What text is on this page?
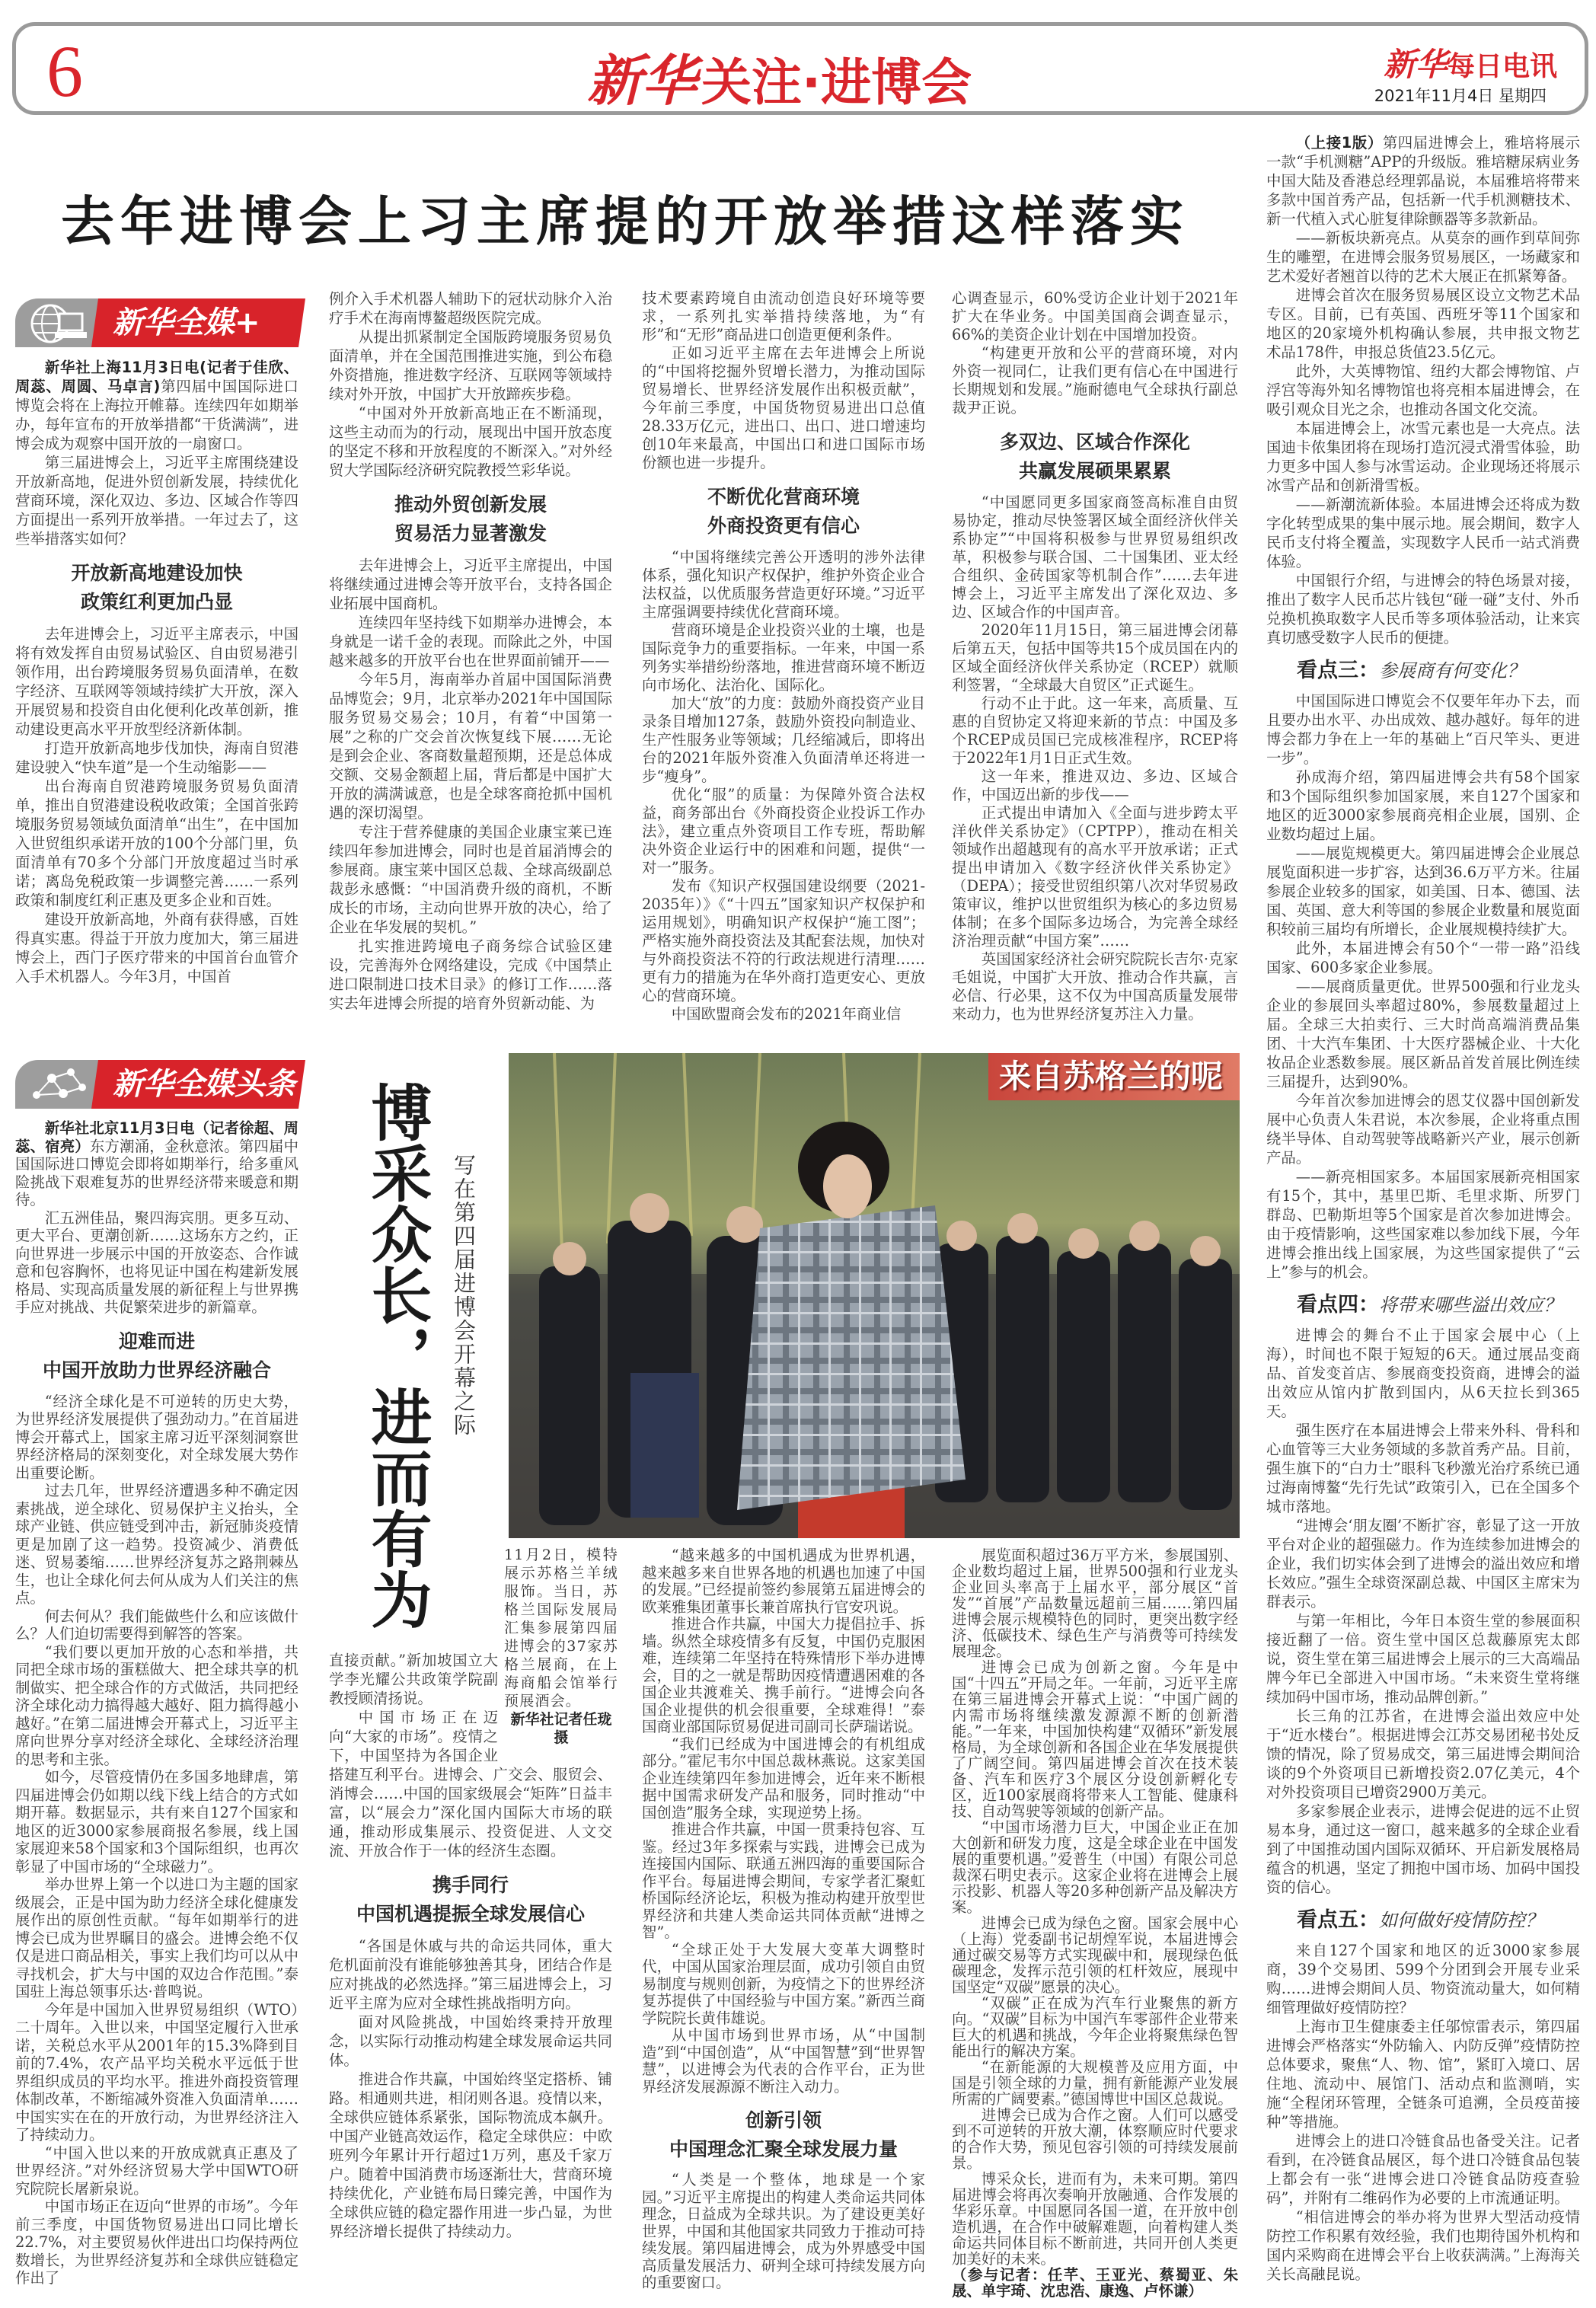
6	新华关注·进博会	新华每日电讯
2021年11月4日 星期四
去年进博会上习主席提的开放举措这样落实
新华全媒+

新华社上海11月3日电(记者于佳欣、周蕊、周圆、马卓言)第四届中国国际进口博览会将在上海拉开帷幕。连续四年如期举办，每年宣布的开放举措都“干货满满”，进博会成为观察中国开放的一扇窗口。

第三届进博会上，习近平主席围绕建设开放新高地，促进外贸创新发展，持续优化营商环境，深化双边、多边、区域合作等四方面提出一系列开放举措。一年过去了，这些举措落实如何？

开放新高地建设加快
政策红利更加凸显

去年进博会上，习近平主席表示，中国将有效发挥自由贸易试验区、自由贸易港引领作用，出台跨境服务贸易负面清单，在数字经济、互联网等领域持续扩大开放，深入开展贸易和投资自由化便利化改革创新，推动建设更高水平开放型经济新体制。

打造开放新高地步伐加快，海南自贸港建设驶入“快车道”是一个生动缩影——

出台海南自贸港跨境服务贸易负面清单，推出自贸港建设税收政策；全国首张跨境服务贸易领域负面清单“出生”，在中国加入世贸组织承诺开放的100个分部门里，负面清单有70多个分部门开放度超过当时承诺；离岛免税政策一步调整完善……一系列政策和制度红利正惠及更多企业和百姓。

建设开放新高地，外商有获得感，百姓得真实惠。得益于开放力度加大，第三届进博会上，西门子医疗带来的中国首台血管介入手术机器人。今年3月，中国首

例介入手术机器人辅助下的冠状动脉介入治疗手术在海南博鳌超级医院完成。

从提出抓紧制定全国版跨境服务贸易负面清单，并在全国范围推进实施，到公布稳外资措施，推进数字经济、互联网等领域持续对外开放，中国扩大开放蹄疾步稳。

“中国对外开放新高地正在不断涌现，这些主动而为的行动，展现出中国开放态度的坚定不移和开放程度的不断深入。”对外经贸大学国际经济研究院教授竺彩华说。

推动外贸创新发展
贸易活力显著激发

去年进博会上，习近平主席提出，中国将继续通过进博会等开放平台，支持各国企业拓展中国商机。

连续四年坚持线下如期举办进博会，本身就是一诺千金的表现。而除此之外，中国越来越多的开放平台也在世界面前铺开——

今年5月，海南举办首届中国国际消费品博览会；9月，北京举办2021年中国国际服务贸易交易会；10月，有着“中国第一展”之称的广交会首次恢复线下展……无论是到会企业、客商数量超预期，还是总体成交额、交易金额超上届，背后都是中国扩大开放的满满诚意，也是全球客商抢抓中国机遇的深切渴望。

专注于营养健康的美国企业康宝莱已连续四年参加进博会，同时也是首届消博会的参展商。康宝莱中国区总裁、全球高级副总裁彭永感慨：“中国消费升级的商机，不断成长的市场，主动向世界开放的决心，给了企业在华发展的契机。”

扎实推进跨境电子商务综合试验区建设，完善海外仓网络建设，完成《中国禁止进口限制进口技术目录》的修订工作……落实去年进博会所提的培育外贸新动能、为

技术要素跨境自由流动创造良好环境等要求，一系列扎实举措持续落地，为“有形”和“无形”商品进口创造更便利条件。

正如习近平主席在去年进博会上所说的“中国将挖掘外贸增长潜力，为推动国际贸易增长、世界经济发展作出积极贡献”，今年前三季度，中国货物贸易进出口总值28.33万亿元，进出口、出口、进口增速均创10年来最高，中国出口和进口国际市场份额也进一步提升。

不断优化营商环境
外商投资更有信心

“中国将继续完善公开透明的涉外法律体系，强化知识产权保护，维护外资企业合法权益，以优质服务营造更好环境。”习近平主席强调要持续优化营商环境。

营商环境是企业投资兴业的土壤，也是国际竞争力的重要指标。一年来，中国一系列务实举措纷纷落地，推进营商环境不断迈向市场化、法治化、国际化。

加大“放”的力度：鼓励外商投资产业目录条目增加127条，鼓励外资投向制造业、生产性服务业等领域；几经缩减后，即将出台的2021年版外资准入负面清单还将进一步“瘦身”。

优化“服”的质量：为保障外资合法权益，商务部出台《外商投资企业投诉工作办法》，建立重点外资项目工作专班，帮助解决外资企业运行中的困难和问题，提供“一对一”服务。

发布《知识产权强国建设纲要（2021-2035年）》《“十四五”国家知识产权保护和运用规划》，明确知识产权保护“施工图”；严格实施外商投资法及其配套法规，加快对与外商投资法不符的行政法规进行清理……更有力的措施为在华外商打造更安心、更放心的营商环境。

中国欧盟商会发布的2021年商业信

心调查显示，60%受访企业计划于2021年扩大在华业务。中国美国商会调查显示，66%的美资企业计划在中国增加投资。

“构建更开放和公平的营商环境，对内外资一视同仁，让我们更有信心在中国进行长期规划和发展。”施耐德电气全球执行副总裁尹正说。

多双边、区域合作深化
共赢发展硕果累累

“中国愿同更多国家商签高标准自由贸易协定，推动尽快签署区域全面经济伙伴关系协定”“中国将积极参与世界贸易组织改革，积极参与联合国、二十国集团、亚太经合组织、金砖国家等机制合作”……去年进博会上，习近平主席发出了深化双边、多边、区域合作的中国声音。

2020年11月15日，第三届进博会闭幕后第五天，包括中国等共15个成员国在内的区域全面经济伙伴关系协定（RCEP）就顺利签署，“全球最大自贸区”正式诞生。

行动不止于此。这一年来，高质量、互惠的自贸协定又将迎来新的节点：中国及多个RCEP成员国已完成核准程序，RCEP将于2022年1月1日正式生效。

这一年来，推进双边、多边、区域合作，中国迈出新的步伐——

正式提出申请加入《全面与进步跨太平洋伙伴关系协定》（CPTPP），推动在相关领域作出超越现有的高水平开放承诺；正式提出申请加入《数字经济伙伴关系协定》（DEPA）；接受世贸组织第八次对华贸易政策审议，维护以世贸组织为核心的多边贸易体制；在多个国际多边场合，为完善全球经济治理贡献“中国方案”……

英国国家经济社会研究院院长吉尔·克家毛姐说，中国扩大开放、推动合作共赢，言必信、行必果，这不仅为中国高质量发展带来动力，也为世界经济复苏注入力量。

（上接1版）第四届进博会上，雅培将展示一款“手机测糖”APP的升级版。雅培糖尿病业务中国大陆及香港总经理郭晶说，本届雅培将带来多款中国首秀产品，包括新一代手机测糖技术、新一代植入式心脏复律除颤器等多款新品。

——新板块新亮点。从莫奈的画作到草间弥生的雕塑，在进博会服务贸易展区，一场藏家和艺术爱好者翘首以待的艺术大展正在抓紧筹备。

进博会首次在服务贸易展区设立文物艺术品专区。目前，已有英国、西班牙等11个国家和地区的20家境外机构确认参展，共申报文物艺术品178件，申报总货值23.5亿元。

此外，大英博物馆、纽约大都会博物馆、卢浮宫等海外知名博物馆也将亮相本届进博会，在吸引观众目光之余，也推动各国文化交流。

本届进博会上，冰雪元素也是一大亮点。法国迪卡侬集团将在现场打造沉浸式滑雪体验，助力更多中国人参与冰雪运动。企业现场还将展示冰雪产品和创新滑雪板。

——新潮流新体验。本届进博会还将成为数字化转型成果的集中展示地。展会期间，数字人民币支付将全覆盖，实现数字人民币一站式消费体验。

中国银行介绍，与进博会的特色场景对接，推出了数字人民币芯片钱包“碰一碰”支付、外币兑换机换取数字人民币等多项体验活动，让来宾真切感受数字人民币的便捷。

看点三：参展商有何变化？

中国国际进口博览会不仅要年年办下去，而且要办出水平、办出成效、越办越好。每年的进博会都力争在上一年的基础上“百尺竿头、更进一步”。

孙成海介绍，第四届进博会共有58个国家和3个国际组织参加国家展，来自127个国家和地区的近3000家参展商亮相企业展，国别、企业数均超过上届。

——展览规模更大。第四届进博会企业展总展览面积进一步扩容，达到36.6万平方米。往届参展企业较多的国家，如美国、日本、德国、法国、英国、意大利等国的参展企业数量和展览面积较前三届均有所增长，企业展规模持续扩大。

此外，本届进博会有50个“一带一路”沿线国家、600多家企业参展。

——展商质量更优。世界500强和行业龙头企业的参展回头率超过80%，参展数量超过上届。全球三大拍卖行、三大时尚高端消费品集团、十大汽车集团、十大医疗器械企业、十大化妆品企业悉数参展。展区新品首发首展比例连续三届提升，达到90%。

今年首次参加进博会的恩艾仪器中国创新发展中心负责人朱君说，本次参展，企业将重点围绕半导体、自动驾驶等战略新兴产业，展示创新产品。

——新亮相国家多。本届国家展新亮相国家有15个，其中，基里巴斯、毛里求斯、所罗门群岛、巴勒斯坦等5个国家是首次参加进博会。由于疫情影响，这些国家难以参加线下展，今年进博会推出线上国家展，为这些国家提供了“云上”参与的机会。

看点四：将带来哪些溢出效应？

进博会的舞台不止于国家会展中心（上海），时间也不限于短短的6天。通过展品变商品、首发变首店、参展商变投资商，进博会的溢出效应从馆内扩散到国内，从6天拉长到365天。

强生医疗在本届进博会上带来外科、骨科和心血管等三大业务领域的多款首秀产品。目前，强生旗下的“白力士”眼科飞秒激光治疗系统已通过海南博鳌“先行先试”政策引入，已在全国多个城市落地。

“进博会‘朋友圈’不断扩容，彰显了这一开放平台对企业的超强磁力。作为连续参加进博会的企业，我们切实体会到了进博会的溢出效应和增长效应。”强生全球资深副总裁、中国区主席宋为群表示。

与第一年相比，今年日本资生堂的参展面积接近翻了一倍。资生堂中国区总裁藤原宪太郎说，资生堂在第三届进博会上展示的三大高端品牌今年已全部进入中国市场。“未来资生堂将继续加码中国市场，推动品牌创新。”

长三角的江苏省，在进博会溢出效应中处于“近水楼台”。根据进博会江苏交易团秘书处反馈的情况，除了贸易成交，第三届进博会期间洽谈的9个外资项目已新增投资2.07亿美元，4个对外投资项目已增资2900万美元。

多家参展企业表示，进博会促进的远不止贸易本身，通过这一窗口，越来越多的全球企业看到了中国推动国内国际双循环、开启新发展格局蕴含的机遇，坚定了拥抱中国市场、加码中国投资的信心。

看点五：如何做好疫情防控？

来自127个国家和地区的近3000家参展商，39个交易团、599个分团到会开展专业采购……进博会期间人员、物资流动量大，如何精细管理做好疫情防控？

上海市卫生健康委主任邬惊雷表示，第四届进博会严格落实“外防输入、内防反弹”疫情防控总体要求，聚焦“人、物、馆”，紧盯入境口、居住地、流动中、展馆门、活动点和监测哨，实施“全程闭环管理，全链条可追溯，全员疫苗接种”等措施。

进博会上的进口冷链食品也备受关注。记者看到，在冷链食品展区，每个进口冷链食品包装上都会有一张“进博会进口冷链食品防疫查验码”，并附有二维码作为必要的上市流通证明。

“相信进博会的举办将为世界大型活动疫情防控工作积累有效经验，我们也期待国外机构和国内采购商在进博会平台上收获满满。”上海海关关长高融昆说。

新华全媒头条

新华社北京11月3日电（记者徐超、周蕊、宿亮）东方潮涌，金秋意浓。第四届中国国际进口博览会即将如期举行，给多重风险挑战下艰难复苏的世界经济带来暖意和期待。

汇五洲佳品，聚四海宾朋。更多互动、更大平台、更潮创新……这场东方之约，正向世界进一步展示中国的开放姿态、合作诚意和包容胸怀，也将见证中国在构建新发展格局、实现高质量发展的新征程上与世界携手应对挑战、共促繁荣进步的新篇章。

迎难而进
中国开放助力世界经济融合

“经济全球化是不可逆转的历史大势，为世界经济发展提供了强劲动力。”在首届进博会开幕式上，国家主席习近平深刻洞察世界经济格局的深刻变化，对全球发展大势作出重要论断。

过去几年，世界经济遭遇多种不确定因素挑战，逆全球化、贸易保护主义抬头，全球产业链、供应链受到冲击，新冠肺炎疫情更是加剧了这一趋势。投资减少、消费低迷、贸易萎缩……世界经济复苏之路荆棘丛生，也让全球化何去何从成为人们关注的焦点。

何去何从？我们能做些什么和应该做什么？人们迫切需要得到解答的答案。

“我们要以更加开放的心态和举措，共同把全球市场的蛋糕做大、把全球共享的机制做实、把全球合作的方式做活，共同把经济全球化动力搞得越大越好、阻力搞得越小越好。”在第二届进博会开幕式上，习近平主席向世界分享对经济全球化、全球经济治理的思考和主张。

如今，尽管疫情仍在多国多地肆虐，第四届进博会仍如期以线下线上结合的方式如期开幕。数据显示，共有来自127个国家和地区的近3000家参展商报名参展，线上国家展迎来58个国家和3个国际组织，也再次彰显了中国市场的“全球磁力”。

举办世界上第一个以进口为主题的国家级展会，正是中国为助力经济全球化健康发展作出的原创性贡献。“每年如期举行的进博会已成为世界瞩目的盛会。进博会绝不仅仅是进口商品相关，事实上我们均可以从中寻找机会，扩大与中国的双边合作范围。”泰国驻上海总领事乐达·普鸣说。

今年是中国加入世界贸易组织（WTO）二十周年。入世以来，中国坚定履行入世承诺，关税总水平从2001年的15.3%降到目前的7.4%，农产品平均关税水平远低于世界组织成员的平均水平。推进外商投资管理体制改革，不断缩减外资准入负面清单……中国实实在在的开放行动，为世界经济注入了持续动力。

“中国入世以来的开放成就真正惠及了世界经济。”对外经济贸易大学中国WTO研究院院长屠新泉说。

中国市场正在迈向“世界的市场”。今年前三季度，中国货物贸易进出口同比增长22.7%，对主要贸易伙伴进出口均保持两位数增长，为世界经济复苏和全球供应链稳定作出了

博采众长，进而有为 写在第四届进博会开幕之际
来自苏格兰的呢

11月2日，模特展示苏格兰羊绒服饰。当日，苏格兰国际发展局汇集参展第四届进博会的37家苏格兰展商，在上海商船会馆举行预展酒会。

新华社记者任珑摄

直接贡献。”新加坡国立大学李光耀公共政策学院副教授顾清扬说。

中国市场正在迈向“大家的市场”。疫情之下，中国坚持为各国企业搭建互利平台。进博会、广交会、服贸会、消博会……中国的国家级展会“矩阵”日益丰富，以“展会力”深化国内国际大市场的联通，推动形成集展示、投资促进、人文交流、开放合作于一体的经济生态圈。

携手同行
中国机遇提振全球发展信心

“各国是休戚与共的命运共同体，重大危机面前没有谁能够独善其身，团结合作是应对挑战的必然选择。”第三届进博会上，习近平主席为应对全球性挑战指明方向。

面对风险挑战，中国始终秉持开放理念，以实际行动推动构建全球发展命运共同体。

推进合作共赢，中国始终坚定搭桥、铺路。相通则共进，相闭则各退。疫情以来，全球供应链体系紧张，国际物流成本飙升。中国产业链高效运作，稳定全球供应：中欧班列今年累计开行超过1万列，惠及千家万户。随着中国消费市场逐渐壮大，营商环境持续优化，产业链布局日臻完善，中国作为全球供应链的稳定器作用进一步凸显，为世界经济增长提供了持续动力。

“越来越多的中国机遇成为世界机遇，越来越多来自世界各地的机遇也加速了中国的发展。”已经提前签约参展第五届进博会的欧莱雅集团董事长兼首席执行官安巩说。

推进合作共赢，中国大力提倡拉手、拆墙。纵然全球疫情多有反复，中国仍克服困难，连续第二年坚持在特殊情形下举办进博会，目的之一就是帮助因疫情遭遇困难的各国企业共渡难关、携手前行。“进博会向各国企业提供的机会很重要，全球难得！”泰国商业部国际贸易促进司副司长萨瑞诺说。

“我们已经成为中国进博会的有机组成部分。”霍尼韦尔中国总裁林燕说。这家美国企业连续第四年参加进博会，近年来不断根据中国需求研发产品和服务，同时推动“中国创造”服务全球，实现逆势上扬。

推进合作共赢，中国一贯秉持包容、互鉴。经过3年多探索与实践，进博会已成为连接国内国际、联通五洲四海的重要国际合作平台。每届进博会期间，专家学者汇聚虹桥国际经济论坛，积极为推动构建开放型世界经济和共建人类命运共同体贡献“进博之智”。

“全球正处于大发展大变革大调整时代，中国从国家治理层面，成功引领自由贸易制度与规则创新，为疫情之下的世界经济复苏提供了中国经验与中国方案。”新西兰商学院院长黄伟雄说。

从中国市场到世界市场，从“中国制造”到“中国创造”，从“中国智慧”到“世界智慧”，以进博会为代表的合作平台，正为世界经济发展源源不断注入动力。

创新引领
中国理念汇聚全球发展力量

“人类是一个整体，地球是一个家园。”习近平主席提出的构建人类命运共同体理念，日益成为全球共识。为了建设更美好世界，中国和其他国家共同致力于推动可持续发展。第四届进博会，成为外界感受中国高质量发展活力、研判全球可持续发展方向的重要窗口。

展览面积超过36万平方米，参展国别、企业数均超过上届，世界500强和行业龙头企业回头率高于上届水平，部分展区“首发”“首展”产品数量远超前三届……第四届进博会展示规模特色的同时，更突出数字经济、低碳技术、绿色生产与消费等可持续发展理念。

进博会已成为创新之窗。今年是中国“十四五”开局之年。一年前，习近平主席在第三届进博会开幕式上说：“中国广阔的内需市场将继续激发源源不断的创新潜能。”一年来，中国加快构建“双循环”新发展格局，为全球创新和各国企业在华发展提供了广阔空间。第四届进博会首次在技术装备、汽车和医疗3个展区分设创新孵化专区，近100家展商将带来人工智能、健康科技、自动驾驶等领域的创新产品。

“中国市场潜力巨大，中国企业正在加大创新和研发力度，这是全球企业在中国发展的重要机遇。”爱普生（中国）有限公司总裁深石明史表示。这家企业将在进博会上展示投影、机器人等20多种创新产品及解决方案。

进博会已成为绿色之窗。国家会展中心（上海）党委副书记胡煌军说，本届进博会通过碳交易等方式实现碳中和，展现绿色低碳理念，发挥示范引领的杠杆效应，展现中国坚定“双碳”愿景的决心。

“双碳”正在成为汽车行业聚焦的新方向。“双碳”目标为中国汽车零部件企业带来巨大的机遇和挑战，今年企业将聚焦绿色智能出行的解决方案。

“在新能源的大规模普及应用方面，中国是引领全球的力量，拥有新能源产业发展所需的广阔要素。”德国博世中国区总裁说。

进博会已成为合作之窗。人们可以感受到不可逆转的开放大潮，体察顺应时代要求的合作大势，预见包容引领的可持续发展前景。

博采众长，进而有为，未来可期。第四届进博会将再次奏响开放融通、合作发展的华彩乐章。中国愿同各国一道，在开放中创造机遇，在合作中破解难题，向着构建人类命运共同体目标不断前进，共同开创人类更加美好的未来。

（参与记者：任芊、王亚光、蔡蜀亚、朱晟、单宇琦、沈忠浩、康逸、卢怀谦）
